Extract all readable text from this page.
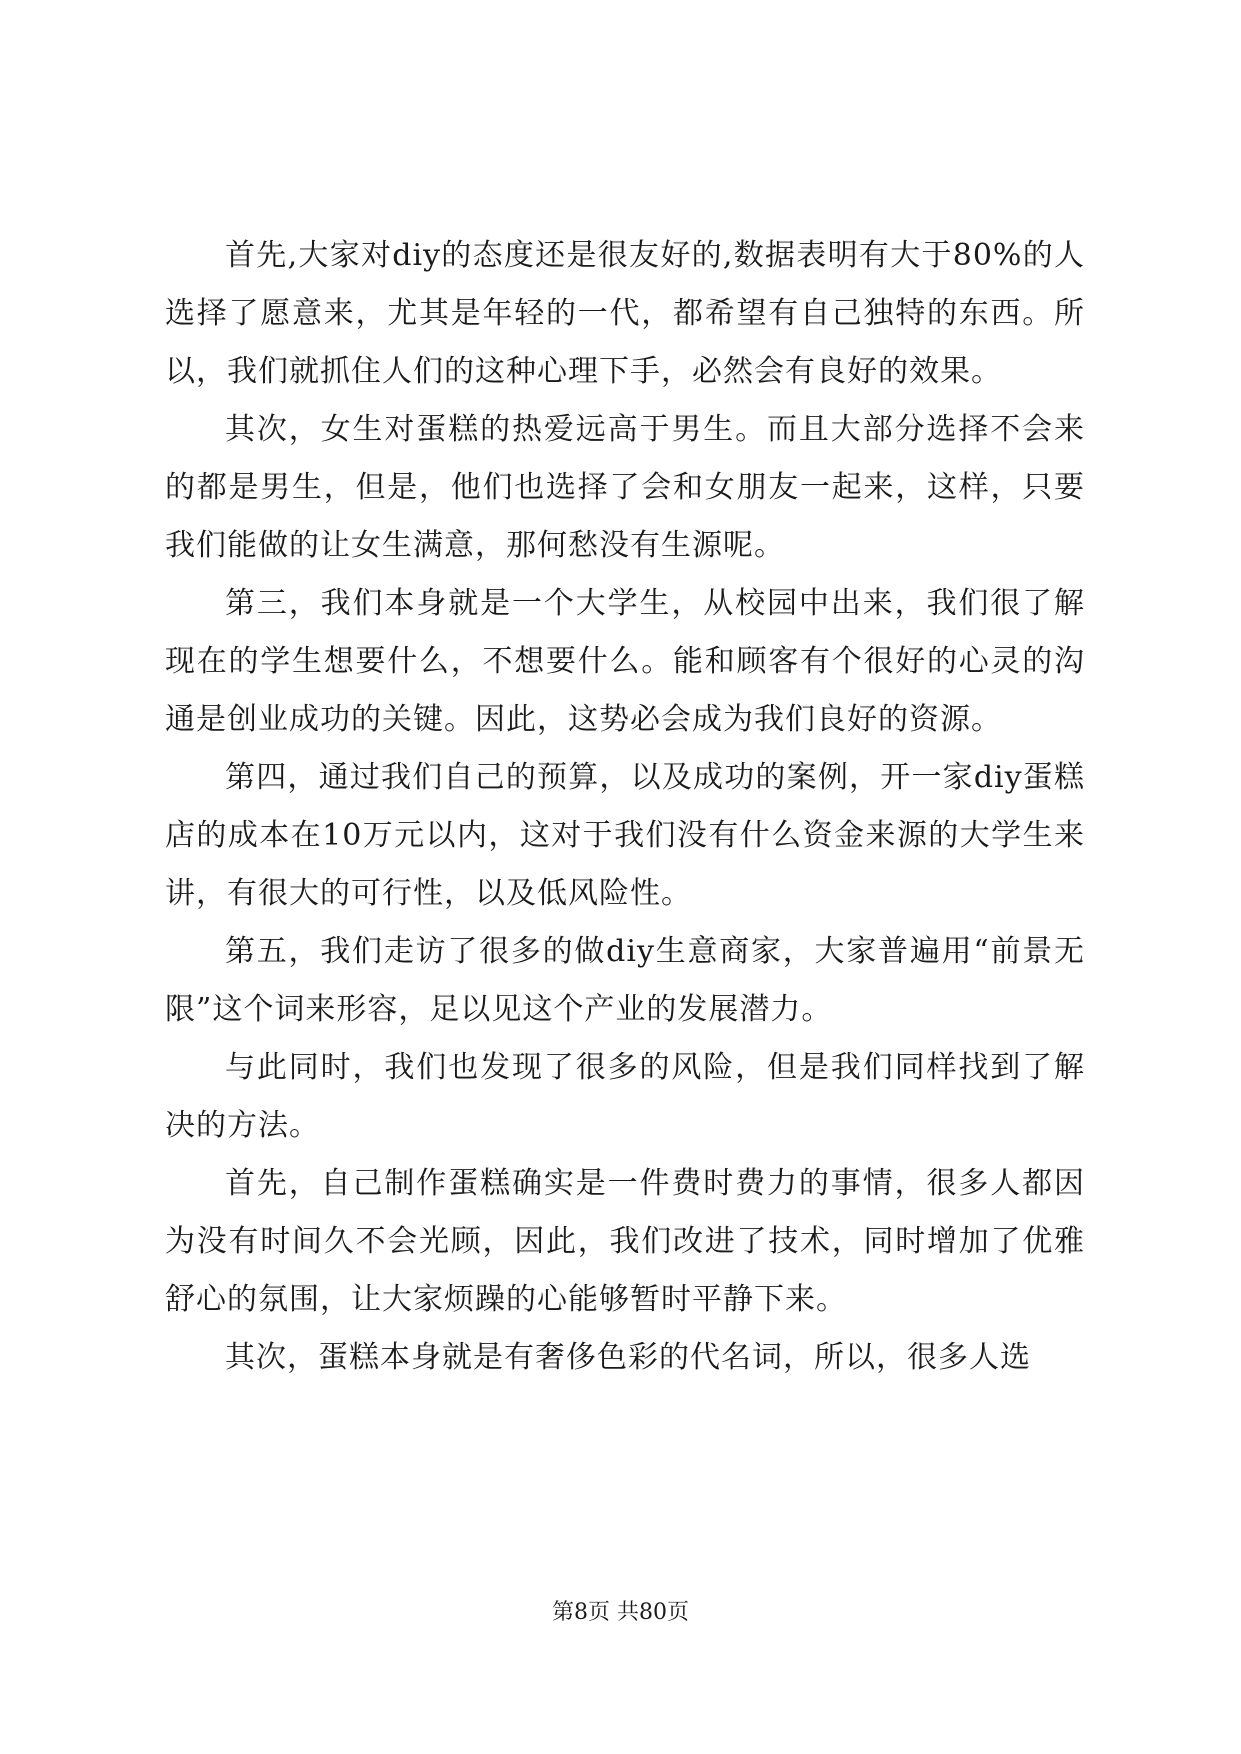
首先,大家对diy的态度还是很友好的,数据表明有大于80%的人选择了愿意来，尤其是年轻的一代，都希望有自己独特的东西。所以，我们就抓住人们的这种心理下手，必然会有良好的效果。

其次，女生对蛋糕的热爱远高于男生。而且大部分选择不会来的都是男生，但是，他们也选择了会和女朋友一起来，这样，只要我们能做的让女生满意，那何愁没有生源呢。

第三，我们本身就是一个大学生，从校园中出来，我们很了解现在的学生想要什么，不想要什么。能和顾客有个很好的心灵的沟通是创业成功的关键。因此，这势必会成为我们良好的资源。

第四，通过我们自己的预算，以及成功的案例，开一家diy蛋糕店的成本在10万元以内，这对于我们没有什么资金来源的大学生来讲，有很大的可行性，以及低风险性。

第五，我们走访了很多的做diy生意商家，大家普遍用“前景无限”这个词来形容，足以见这个产业的发展潜力。

与此同时，我们也发现了很多的风险，但是我们同样找到了解决的方法。

首先，自己制作蛋糕确实是一件费时费力的事情，很多人都因为没有时间久不会光顾，因此，我们改进了技术，同时增加了优雅舒心的氛围，让大家烦躁的心能够暂时平静下来。

其次，蛋糕本身就是有奢侈色彩的代名词，所以，很多人选

第8页 共80页
